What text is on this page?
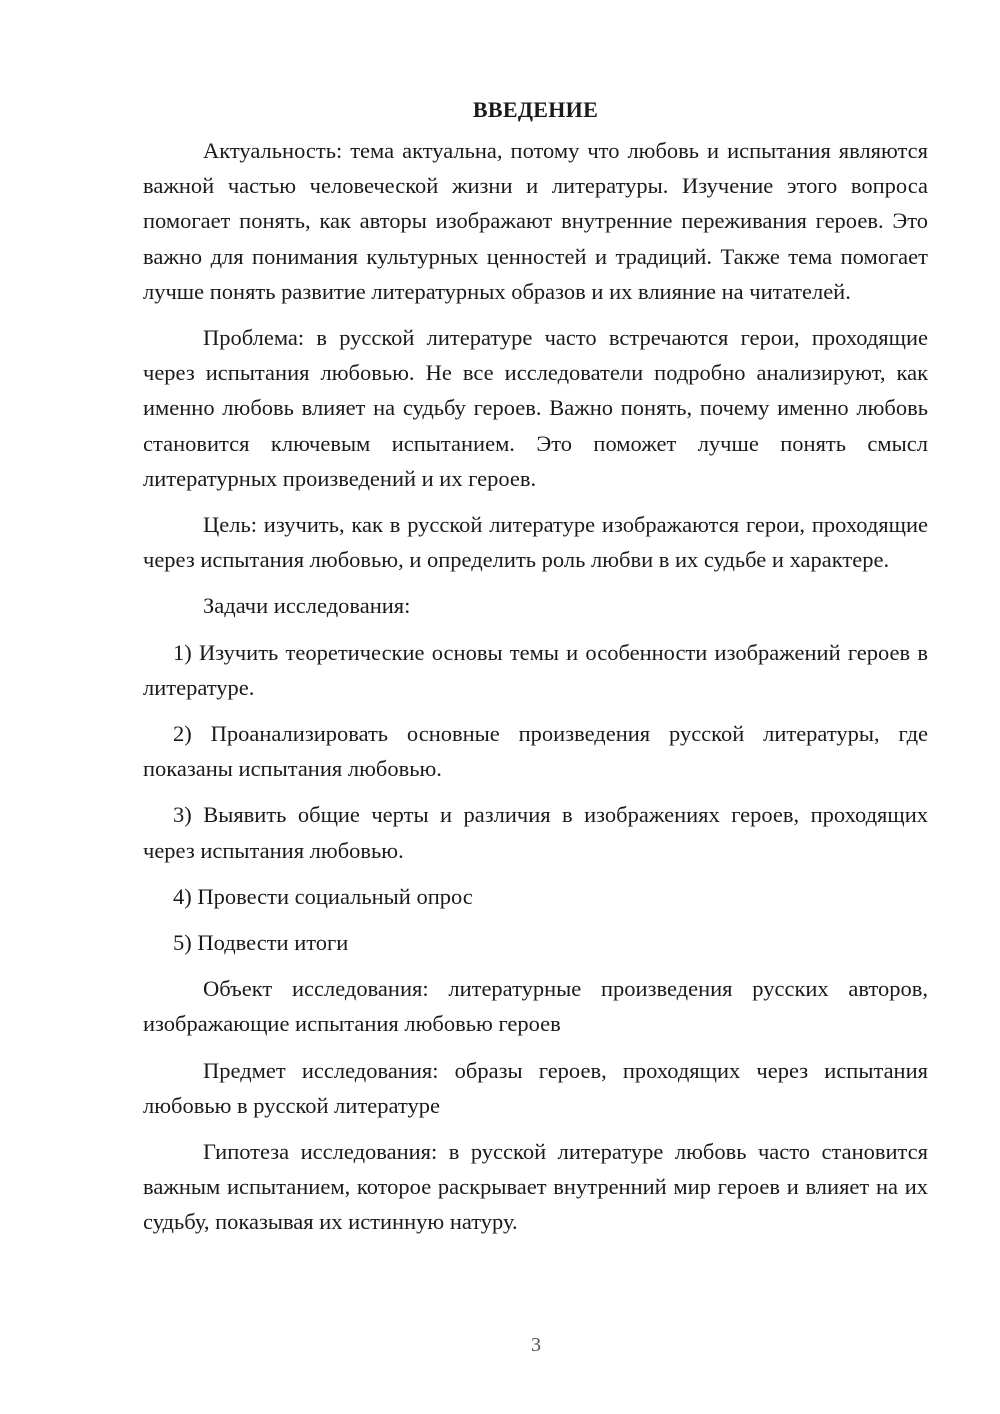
ВВЕДЕНИЕ

Актуальность: тема актуальна, потому что любовь и испытания являются важной частью человеческой жизни и литературы. Изучение этого вопроса помогает понять, как авторы изображают внутренние переживания героев. Это важно для понимания культурных ценностей и традиций. Также тема помогает лучше понять развитие литературных образов и их влияние на читателей.

Проблема: в русской литературе часто встречаются герои, проходящие через испытания любовью. Не все исследователи подробно анализируют, как именно любовь влияет на судьбу героев. Важно понять, почему именно любовь становится ключевым испытанием. Это поможет лучше понять смысл литературных произведений и их героев.

Цель: изучить, как в русской литературе изображаются герои, проходящие через испытания любовью, и определить роль любви в их судьбе и характере.

Задачи исследования:

1) Изучить теоретические основы темы и особенности изображений героев в литературе.

2) Проанализировать основные произведения русской литературы, где показаны испытания любовью.

3) Выявить общие черты и различия в изображениях героев, проходящих через испытания любовью.

4) Провести социальный опрос

5) Подвести итоги

Объект исследования: литературные произведения русских авторов, изображающие испытания любовью героев

Предмет исследования: образы героев, проходящих через испытания любовью в русской литературе

Гипотеза исследования: в русской литературе любовь часто становится важным испытанием, которое раскрывает внутренний мир героев и влияет на их судьбу, показывая их истинную натуру.

3
